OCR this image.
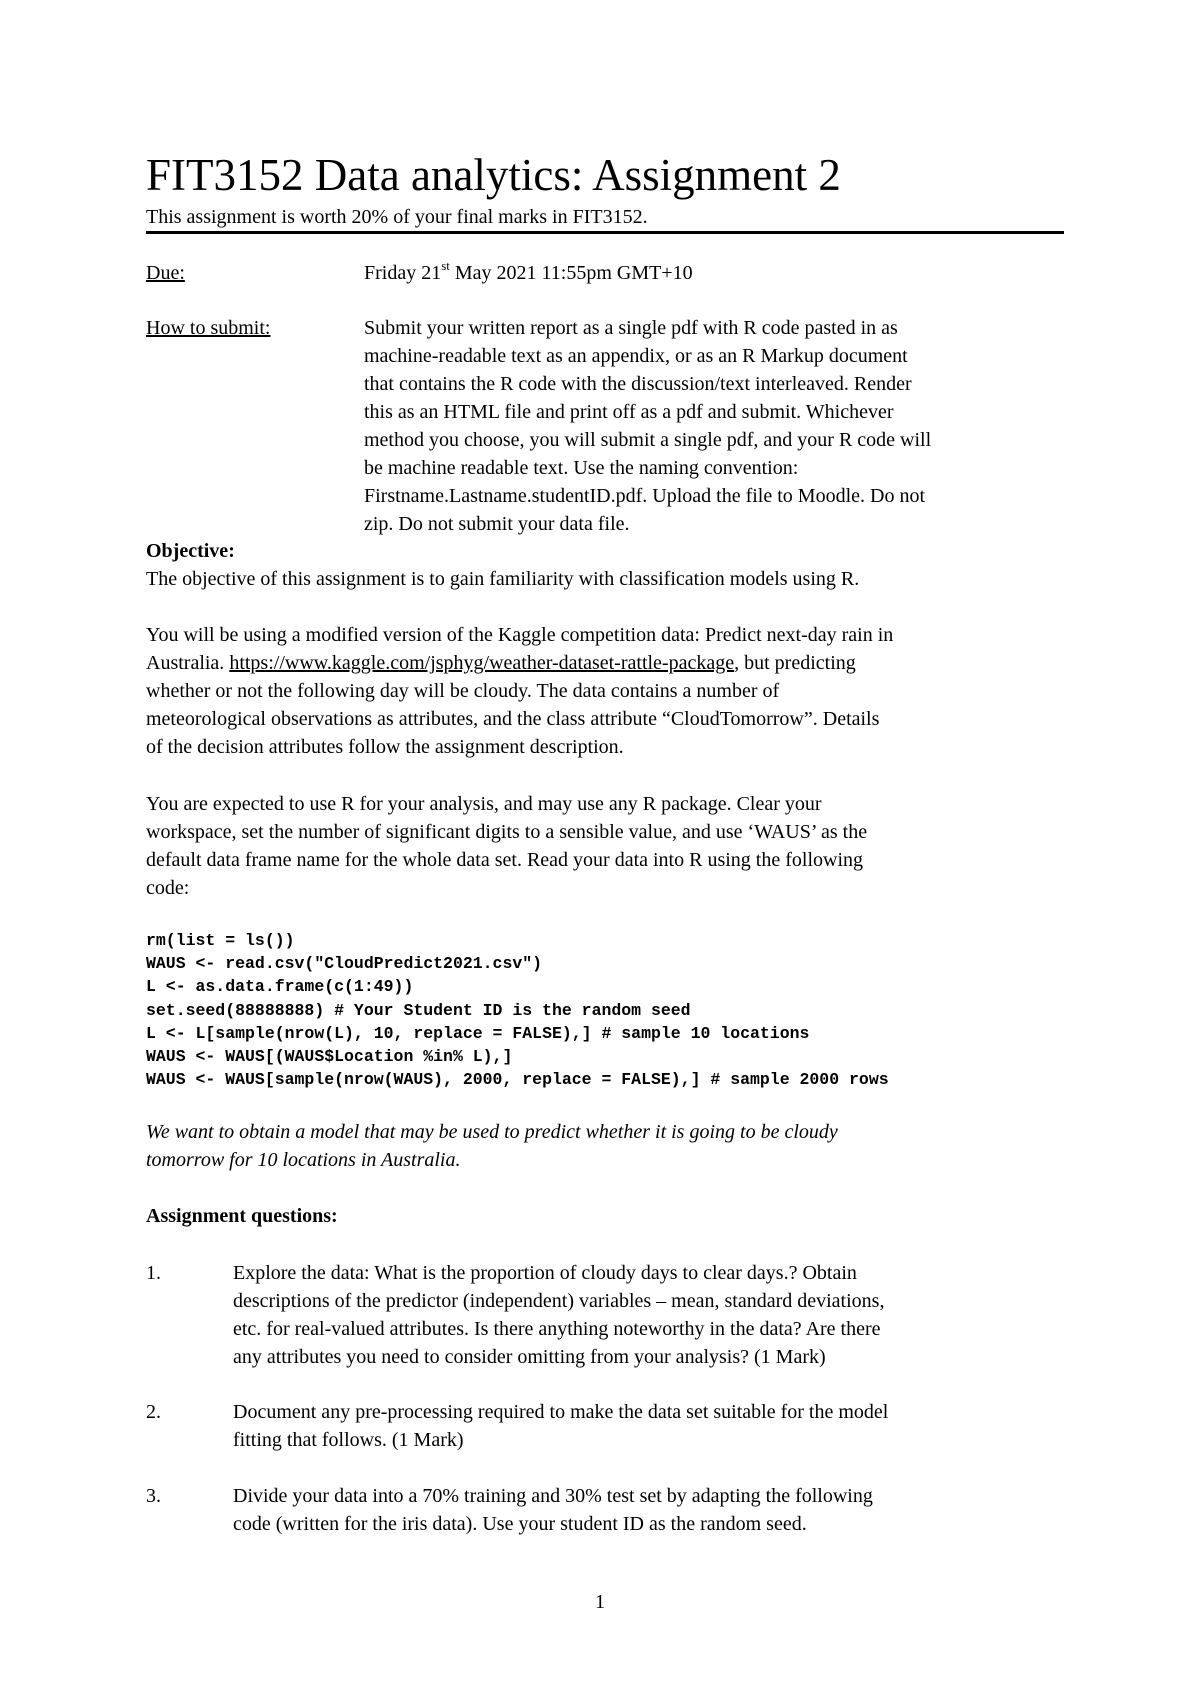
FIT3152 Data analytics: Assignment 2
This assignment is worth 20% of your final marks in FIT3152.
Due:	Friday 21st May 2021 11:55pm GMT+10
How to submit:	Submit your written report as a single pdf with R code pasted in as
machine-readable text as an appendix, or as an R Markup document
that contains the R code with the discussion/text interleaved. Render
this as an HTML file and print off as a pdf and submit. Whichever
method you choose, you will submit a single pdf, and your R code will
be machine readable text. Use the naming convention:
Firstname.Lastname.studentID.pdf. Upload the file to Moodle. Do not
zip. Do not submit your data file.
Objective:
The objective of this assignment is to gain familiarity with classification models using R.
You will be using a modified version of the Kaggle competition data: Predict next-day rain in
Australia. https://www.kaggle.com/jsphyg/weather-dataset-rattle-package, but predicting
whether or not the following day will be cloudy. The data contains a number of
meteorological observations as attributes, and the class attribute “CloudTomorrow”. Details
of the decision attributes follow the assignment description.
You are expected to use R for your analysis, and may use any R package. Clear your
workspace, set the number of significant digits to a sensible value, and use ‘WAUS’ as the
default data frame name for the whole data set. Read your data into R using the following
code:
rm(list = ls())
WAUS <- read.csv("CloudPredict2021.csv")
L <- as.data.frame(c(1:49))
set.seed(88888888) # Your Student ID is the random seed
L <- L[sample(nrow(L), 10, replace = FALSE),] # sample 10 locations
WAUS <- WAUS[(WAUS$Location %in% L),]
WAUS <- WAUS[sample(nrow(WAUS), 2000, replace = FALSE),] # sample 2000 rows
We want to obtain a model that may be used to predict whether it is going to be cloudy
tomorrow for 10 locations in Australia.
Assignment questions:
1.	Explore the data: What is the proportion of cloudy days to clear days.? Obtain
descriptions of the predictor (independent) variables – mean, standard deviations,
etc. for real-valued attributes. Is there anything noteworthy in the data? Are there
any attributes you need to consider omitting from your analysis? (1 Mark)
2.	Document any pre-processing required to make the data set suitable for the model
fitting that follows. (1 Mark)
3.	Divide your data into a 70% training and 30% test set by adapting the following
code (written for the iris data). Use your student ID as the random seed.
1
